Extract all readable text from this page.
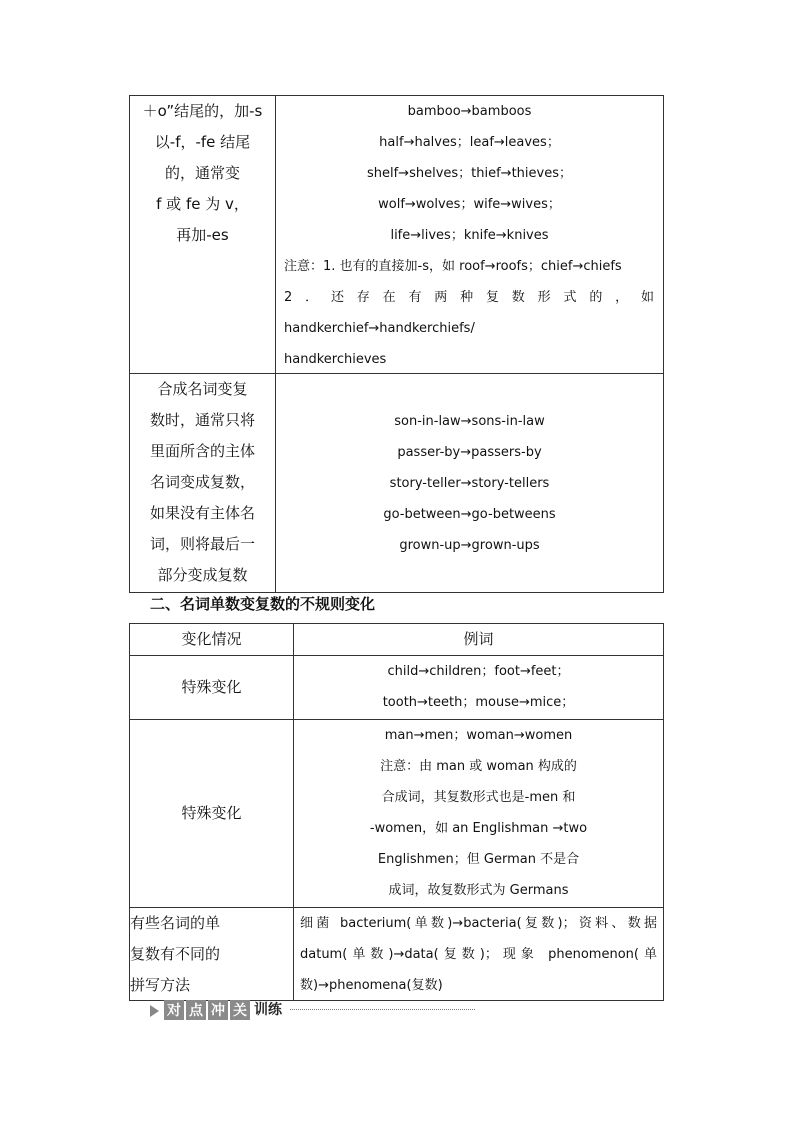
＋o”结尾的，加-s
以-f，-fe 结尾
的，通常变
f 或 fe 为 v，
再加-es
bamboo→bamboos
half→halves；leaf→leaves；
shelf→shelves；thief→thieves；
wolf→wolves；wife→wives；
life→lives；knife→knives
注意：1. 也有的直接加-s，如 roof→roofs；chief→chiefs
2．还存在有两种复数形式的，如
handkerchief→handkerchiefs/
handkerchieves
合成名词变复
数时，通常只将
里面所含的主体
名词变成复数，
如果没有主体名
词，则将最后一
部分变成复数
son-in-law→sons-in-law
passer-by→passers-by
story-teller→story-tellers
go-between→go-betweens
grown-up→grown-ups
二、名词单数变复数的不规则变化
变化情况	例词
特殊变化
child→children；foot→feet；
tooth→teeth；mouse→mice；
特殊变化
man→men；woman→women
注意：由 man 或 woman 构成的
合成词，其复数形式也是-men 和
-women，如 an Englishman →two
Englishmen；但 German 不是合
成词，故复数形式为 Germans
有些名词的单
复数有不同的
拼写方法
细菌 bacterium(单数)→bacteria(复数)；资料、数据
datum(单数)→data(复数)；现象 phenomenon(单
数)→phenomena(复数)
对 点 冲 关 训练
